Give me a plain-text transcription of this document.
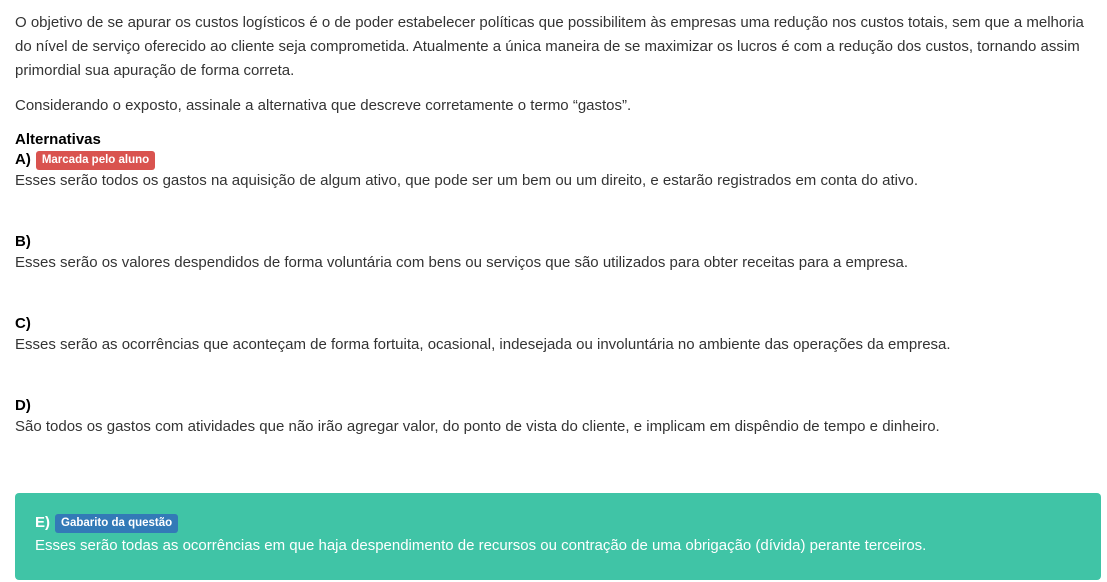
O objetivo de se apurar os custos logísticos é o de poder estabelecer políticas que possibilitem às empresas uma redução nos custos totais, sem que a melhoria do nível de serviço oferecido ao cliente seja comprometida. Atualmente a única maneira de se maximizar os lucros é com a redução dos custos, tornando assim primordial sua apuração de forma correta.

Considerando o exposto, assinale a alternativa que descreve corretamente o termo “gastos”.

Alternativas
A) Marcada pelo aluno

Esses serão todos os gastos na aquisição de algum ativo, que pode ser um bem ou um direito, e estarão registrados em conta do ativo.

B)

Esses serão os valores despendidos de forma voluntária com bens ou serviços que são utilizados para obter receitas para a empresa.

C)

Esses serão as ocorrências que aconteçam de forma fortuita, ocasional, indesejada ou involuntária no ambiente das operações da empresa.

D)

São todos os gastos com atividades que não irão agregar valor, do ponto de vista do cliente, e implicam em dispêndio de tempo e dinheiro.

E) Gabarito da questão

Esses serão todas as ocorrências em que haja despendimento de recursos ou contração de uma obrigação (dívida) perante terceiros.
